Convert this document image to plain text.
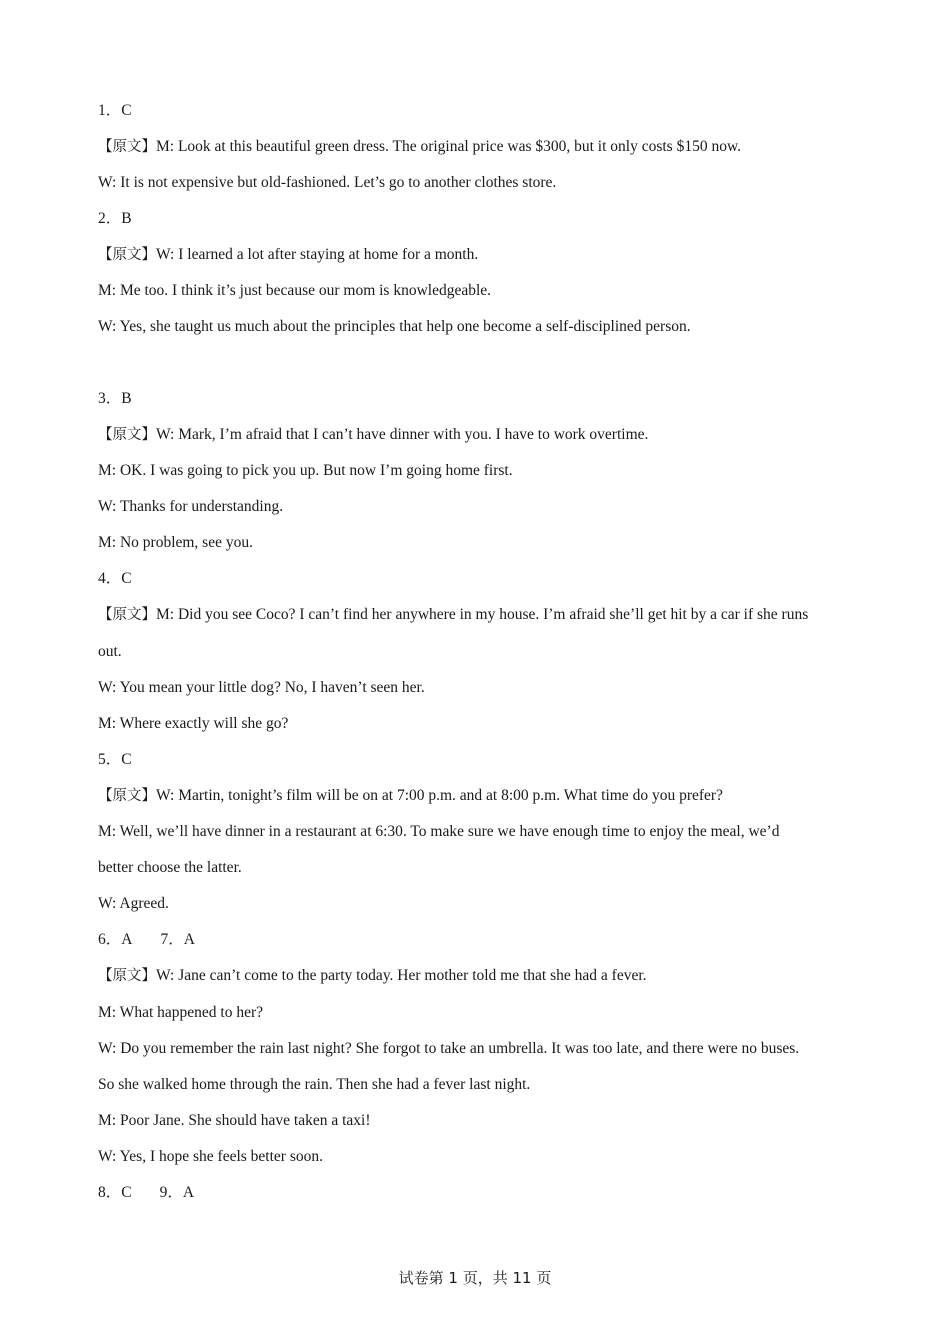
1．C
【原文】M: Look at this beautiful green dress. The original price was $300, but it only costs $150 now.
W: It is not expensive but old-fashioned. Let’s go to another clothes store.
2．B
【原文】W: I learned a lot after staying at home for a month.
M: Me too. I think it’s just because our mom is knowledgeable.
W: Yes, she taught us much about the principles that help one become a self-disciplined person.
3．B
【原文】W: Mark, I’m afraid that I can’t have dinner with you. I have to work overtime.
M: OK. I was going to pick you up. But now I’m going home first.
W: Thanks for understanding.
M: No problem, see you.
4．C
【原文】M: Did you see Coco? I can’t find her anywhere in my house. I’m afraid she’ll get hit by a car if she runs
out.
W: You mean your little dog? No, I haven’t seen her.
M: Where exactly will she go?
5．C
【原文】W: Martin, tonight’s film will be on at 7:00 p.m. and at 8:00 p.m. What time do you prefer?
M: Well, we’ll have dinner in a restaurant at 6:30. To make sure we have enough time to enjoy the meal, we’d
better choose the latter.
W: Agreed.
6．A 7．A
【原文】W: Jane can’t come to the party today. Her mother told me that she had a fever.
M: What happened to her?
W: Do you remember the rain last night? She forgot to take an umbrella. It was too late, and there were no buses.
So she walked home through the rain. Then she had a fever last night.
M: Poor Jane. She should have taken a taxi!
W: Yes, I hope she feels better soon.
8．C 9．A
试卷第 1 页，共 11 页
